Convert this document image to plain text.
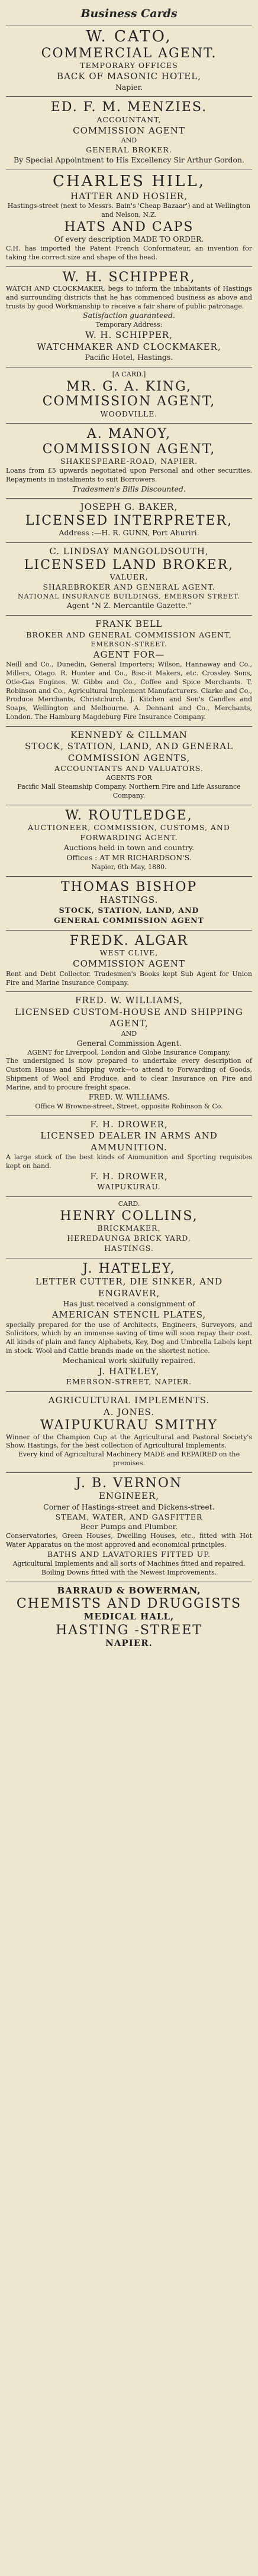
Business Cards
W. CATO,
COMMERCIAL AGENT.
TEMPORARY OFFICES
BACK OF MASONIC HOTEL,
Napier.
ED. F. M. MENZIES.
ACCOUNTANT,
COMMISSION AGENT
AND
GENERAL BROKER.
By Special Appointment to His Excellency Sir Arthur Gordon.
CHARLES HILL,
HATTER AND HOSIER,
Hastings-street (next to Messrs. Bain's 'Cheap Bazaar') and at Wellington and Nelson, N.Z.
HATS AND CAPS
Of every description MADE TO ORDER.
C.H. has imported the Patent French Conformateur, an invention for taking the correct size and shape of the head.
W. H. SCHIPPER,
WATCH AND CLOCKMAKER, begs to inform the inhabitants of Hastings and surrounding districts that he has commenced business as above and trusts by good Workmanship to receive a fair share of public patronage.
Satisfaction guaranteed.
Temporary Address:
W. H. SCHIPPER,
WATCHMAKER AND CLOCKMAKER,
Pacific Hotel, Hastings.
[A CARD.]
MR. G. A. KING,
COMMISSION AGENT,
WOODVILLE.
A. MANOY,
COMMISSION AGENT,
SHAKESPEARE-ROAD, NAPIER.
Loans from £5 upwards negotiated upon Personal and other securities. Repayments in instalments to suit Borrowers.
Tradesmen's Bills Discounted.
JOSEPH G. BAKER,
LICENSED INTERPRETER,
Address :—H. R. GUNN, Port Ahuriri.
C. LINDSAY MANGOLDSOUTH,
LICENSED LAND BROKER,
VALUER,
SHAREBROKER AND GENERAL AGENT.
NATIONAL INSURANCE BUILDINGS, EMERSON STREET.
Agent "N Z. Mercantile Gazette."
FRANK BELL
BROKER AND GENERAL COMMISSION AGENT,
EMERSON-STREET.
AGENT FOR—
Neill and Co., Dunedin, General Importers; Wilson, Hannaway and Co., Millers, Otago. R. Hunter and Co., Bisc-it Makers, etc. Crossley Sons, Otie-Gas Engines. W. Gibbs and Co., Coffee and Spice Merchants. T. Robinson and Co., Agricultural Implement Manufacturers. Clarke and Co., Produce Merchants, Christchurch. J. Kitchen and Son's Candles and Soaps, Wellington and Melbourne. A. Dennant and Co., Merchants, London. The Hamburg Magdeburg Fire Insurance Company.
KENNEDY & CILLMAN
STOCK, STATION, LAND, AND GENERAL COMMISSION AGENTS,
ACCOUNTANTS AND VALUATORS.
AGENTS FOR
Pacific Mall Steamship Company. Northern Fire and Life Assurance Company.
W. ROUTLEDGE,
AUCTIONEER, COMMISSION, CUSTOMS, AND FORWARDING AGENT.
Auctions held in town and country.
Offices : AT MR RICHARDSON'S.
Napier, 6th May, 1880.
THOMAS BISHOP
HASTINGS.
STOCK, STATION, LAND, AND
GENERAL COMMISSION AGENT
FREDK. ALGAR
WEST CLIVE,
COMMISSION AGENT
Rent and Debt Collector. Tradesmen's Books kept Sub Agent for Union Fire and Marine Insurance Company.
FRED. W. WILLIAMS,
LICENSED CUSTOM-HOUSE AND SHIPPING AGENT,
AND
General Commission Agent.
AGENT for Liverpool, London and Globe Insurance Company.
The undersigned is now prepared to undertake every description of Custom House and Shipping work—to attend to Forwarding of Goods, Shipment of Wool and Produce, and to clear Insurance on Fire and Marine, and to procure freight space.
FRED. W. WILLIAMS.
Office W Browne-street, Street, opposite Robinson & Co.
F. H. DROWER,
LICENSED DEALER IN ARMS AND AMMUNITION.
A large stock of the best kinds of Ammunition and Sporting requisites kept on hand.
F. H. DROWER,
WAIPUKURAU.
CARD.
HENRY COLLINS,
BRICKMAKER,
HEREDAUNGA BRICK YARD,
HASTINGS.
J. HATELEY,
LETTER CUTTER, DIE SINKER, AND ENGRAVER,
Has just received a consignment of
AMERICAN STENCIL PLATES,
specially prepared for the use of Architects, Engineers, Surveyors, and Solicitors, which by an immense saving of time will soon repay their cost. All kinds of plain and fancy Alphabets, Key, Dog and Umbrella Labels kept in stock. Wool and Cattle brands made on the shortest notice.
Mechanical work skilfully repaired.
J. HATELEY,
EMERSON-STREET, NAPIER.
AGRICULTURAL IMPLEMENTS.
A. JONES.
WAIPUKURAU SMITHY
Winner of the Champion Cup at the Agricultural and Pastoral Society's Show, Hastings, for the best collection of Agricultural Implements.
Every kind of Agricultural Machinery MADE and REPAIRED on the premises.
J. B. VERNON
ENGINEER,
Corner of Hastings-street and Dickens-street.
STEAM, WATER, AND GASFITTER
Beer Pumps and Plumber.
Conservatories, Green Houses, Dwelling Houses, etc., fitted with Hot Water Apparatus on the most approved and economical principles.
BATHS AND LAVATORIES FITTED UP.
Agricultural Implements and all sorts of Machines fitted and repaired.
Boiling Downs fitted with the Newest Improvements.
BARRAUD & BOWERMAN,
CHEMISTS AND DRUGGISTS
MEDICAL HALL,
HASTING -STREET
NAPIER.
